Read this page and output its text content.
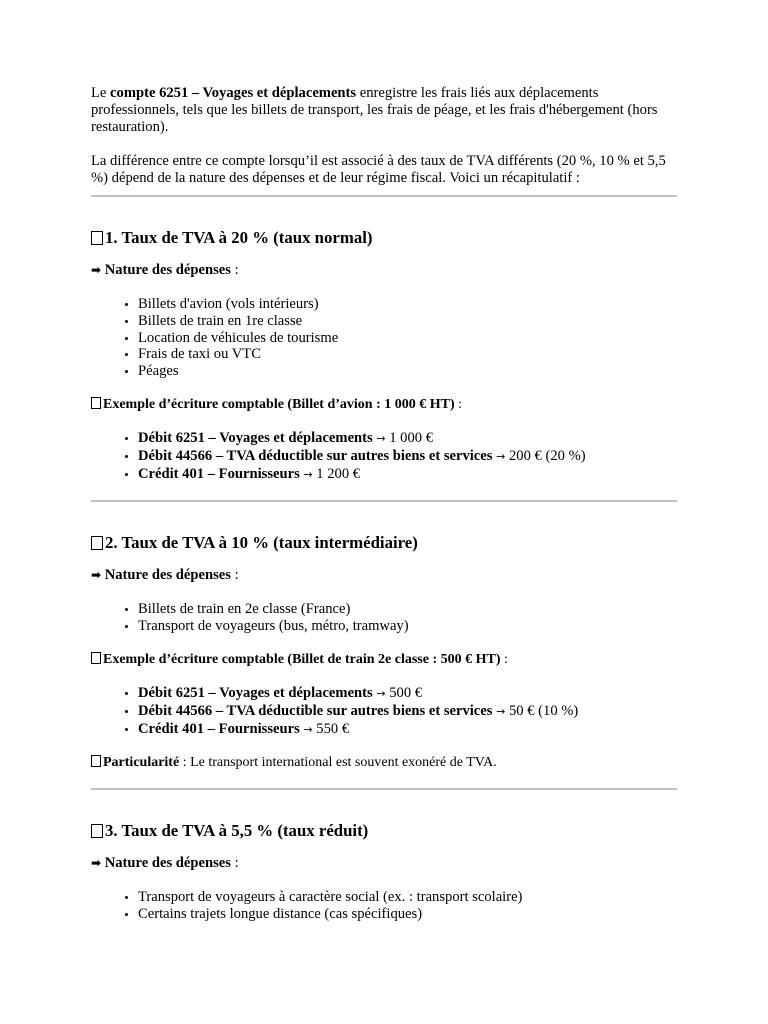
Le compte 6251 – Voyages et déplacements enregistre les frais liés aux déplacements professionnels, tels que les billets de transport, les frais de péage, et les frais d'hébergement (hors restauration).

La différence entre ce compte lorsqu’il est associé à des taux de TVA différents (20 %, 10 % et 5,5 %) dépend de la nature des dépenses et de leur régime fiscal. Voici un récapitulatif :

1. Taux de TVA à 20 % (taux normal)

➡ Nature des dépenses :

• Billets d'avion (vols intérieurs)
• Billets de train en 1re classe
• Location de véhicules de tourisme
• Frais de taxi ou VTC
• Péages

Exemple d’écriture comptable (Billet d’avion : 1 000 € HT) :

• Débit 6251 – Voyages et déplacements → 1 000 €
• Débit 44566 – TVA déductible sur autres biens et services → 200 € (20 %)
• Crédit 401 – Fournisseurs → 1 200 €
2. Taux de TVA à 10 % (taux intermédiaire)

➡ Nature des dépenses :

• Billets de train en 2e classe (France)
• Transport de voyageurs (bus, métro, tramway)

Exemple d’écriture comptable (Billet de train 2e classe : 500 € HT) :

• Débit 6251 – Voyages et déplacements → 500 €
• Débit 44566 – TVA déductible sur autres biens et services → 50 € (10 %)
• Crédit 401 – Fournisseurs → 550 €

Particularité : Le transport international est souvent exonéré de TVA.

3. Taux de TVA à 5,5 % (taux réduit)

➡ Nature des dépenses :

• Transport de voyageurs à caractère social (ex. : transport scolaire)
• Certains trajets longue distance (cas spécifiques)
